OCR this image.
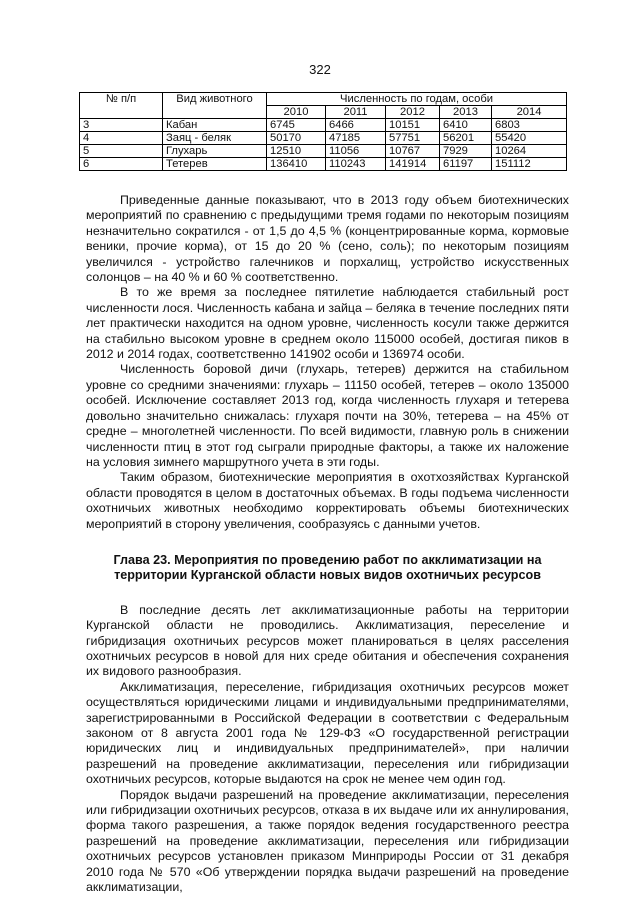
322
№ п/п	Вид животного	Численность по годам, особи				
		2010	2011	2012	2013	2014
3	Кабан	6745	6466	10151	6410	6803
4	Заяц - беляк	50170	47185	57751	56201	55420
5	Глухарь	12510	11056	10767	7929	10264
6	Тетерев	136410	110243	141914	61197	151112

Приведенные данные показывают, что в 2013 году объем биотехнических мероприятий по сравнению с предыдущими тремя годами по некоторым позициям незначительно сократился - от 1,5 до 4,5 % (концентрированные корма, кормовые веники, прочие корма), от 15 до 20 % (сено, соль); по некоторым позициям увеличился - устройство галечников и порхалищ, устройство искусственных солонцов – на 40 % и 60 % соответственно.

В то же время за последнее пятилетие наблюдается стабильный рост численности лося. Численность кабана и зайца – беляка в течение последних пяти лет практически находится на одном уровне, численность косули также держится на стабильно высоком уровне в среднем около 115000 особей, достигая пиков в 2012 и 2014 годах, соответственно 141902 особи и 136974 особи.

Численность боровой дичи (глухарь, тетерев) держится на стабильном уровне со средними значениями: глухарь – 11150 особей, тетерев – около 135000 особей. Исключение составляет 2013 год, когда численность глухаря и тетерева довольно значительно снижалась: глухаря почти на 30%, тетерева – на 45% от средне – многолетней численности. По всей видимости, главную роль в снижении численности птиц в этот год сыграли природные факторы, а также их наложение на условия зимнего маршрутного учета в эти годы.

Таким образом, биотехнические мероприятия в охотхозяйствах Курганской области проводятся в целом в достаточных объемах. В годы подъема численности охотничьих животных необходимо корректировать объемы биотехнических мероприятий в сторону увеличения, сообразуясь с данными учетов.

Глава 23. Мероприятия по проведению работ по акклиматизации на территории Курганской области новых видов охотничьих ресурсов

В последние десять лет акклиматизационные работы на территории Курганской области не проводились. Акклиматизация, переселение и гибридизация охотничьих ресурсов может планироваться в целях расселения охотничьих ресурсов в новой для них среде обитания и обеспечения сохранения их видового разнообразия.

Акклиматизация, переселение, гибридизация охотничьих ресурсов может осуществляться юридическими лицами и индивидуальными предпринимателями, зарегистрированными в Российской Федерации в соответствии с Федеральным законом от 8 августа 2001 года № 129-ФЗ «О государственной регистрации юридических лиц и индивидуальных предпринимателей», при наличии разрешений на проведение акклиматизации, переселения или гибридизации охотничьих ресурсов, которые выдаются на срок не менее чем один год.

Порядок выдачи разрешений на проведение акклиматизации, переселения или гибридизации охотничьих ресурсов, отказа в их выдаче или их аннулирования, форма такого разрешения, а также порядок ведения государственного реестра разрешений на проведение акклиматизации, переселения или гибридизации охотничьих ресурсов установлен приказом Минприроды России от 31 декабря 2010 года № 570 «Об утверждении порядка выдачи разрешений на проведение акклиматизации,
